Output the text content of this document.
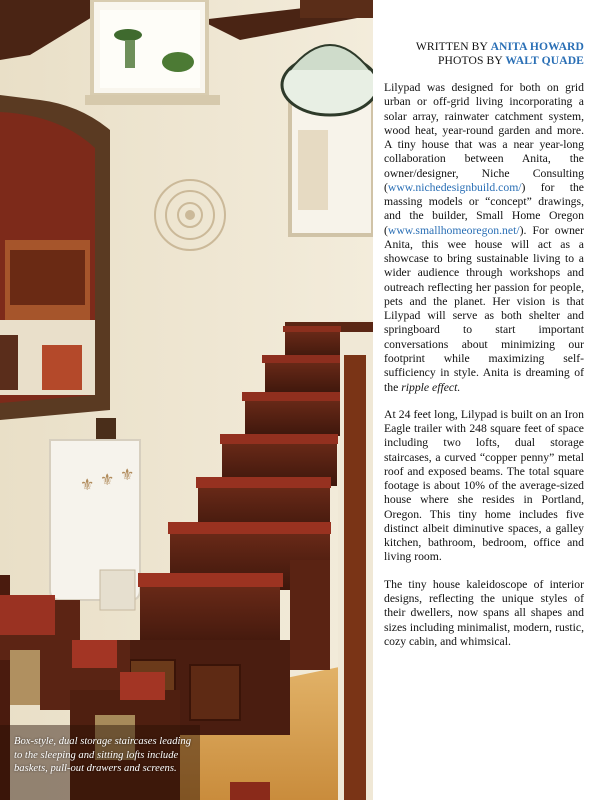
⚜ ⚜ ⚜
Box-style, dual storage staircases leading to the sleeping and sitting lofts include baskets, pull-out drawers and screens.
WRITTEN BY ANITA HOWARD
PHOTOS BY WALT QUADE

Lilypad was designed for both on grid urban or off-grid living incorporating a solar array, rainwater catchment system, wood heat, year-round garden and more. A tiny house that was a near year-long collaboration between Anita, the owner/designer, Niche Consulting (www.nichedesignbuild.com/) for the massing models or “concept” drawings, and the builder, Small Home Oregon (www.smallhomeoregon.net/). For owner Anita, this wee house will act as a showcase to bring sustainable living to a wider audience through workshops and outreach reflecting her passion for people, pets and the planet. Her vision is that Lilypad will serve as both shelter and springboard to start important conversations about minimizing our footprint while maximizing self-sufficiency in style. Anita is dreaming of the ripple effect.

At 24 feet long, Lilypad is built on an Iron Eagle trailer with 248 square feet of space including two lofts, dual storage staircases, a curved “copper penny” metal roof and exposed beams. The total square footage is about 10% of the average-sized house where she resides in Portland, Oregon. This tiny home includes five distinct albeit diminutive spaces, a galley kitchen, bathroom, bedroom, office and living room.

The tiny house kaleidoscope of interior designs, reflecting the unique styles of their dwellers, now spans all shapes and sizes including minimalist, modern, rustic, cozy cabin, and whimsical.
